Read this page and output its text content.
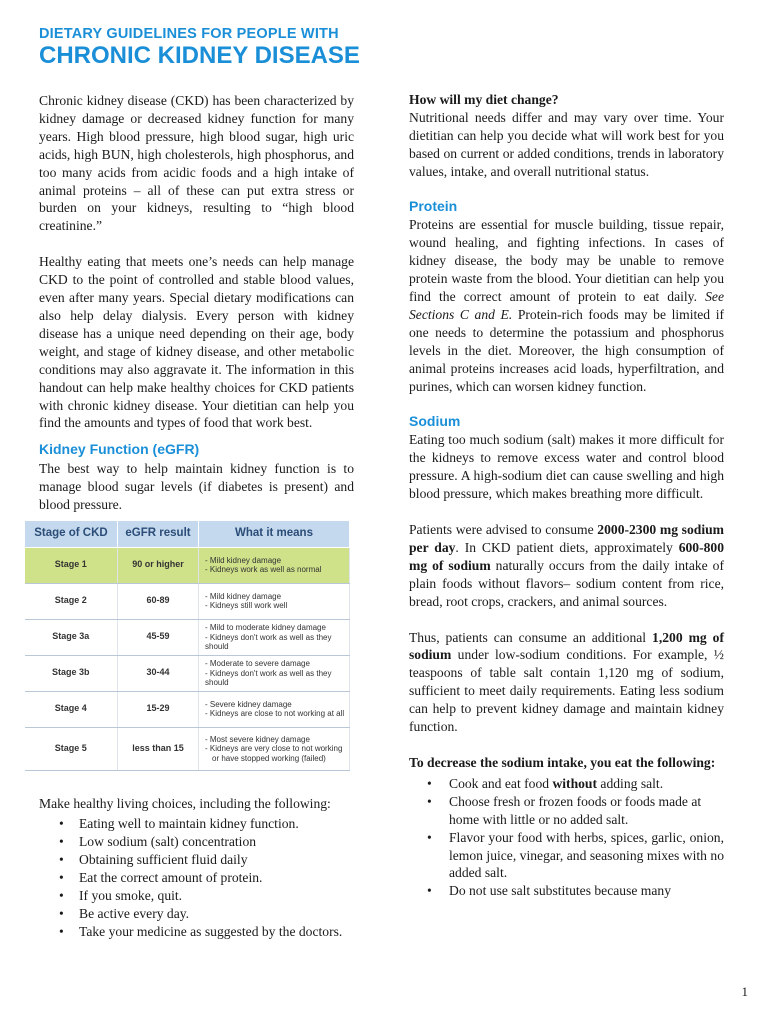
DIETARY GUIDELINES FOR PEOPLE WITH
CHRONIC KIDNEY DISEASE

Chronic kidney disease (CKD) has been characterized by kidney damage or decreased kidney function for many years. High blood pressure, high blood sugar, high uric acids, high BUN, high cholesterols, high phosphorus, and too many acids from acidic foods and a high intake of animal proteins – all of these can put extra stress or burden on your kidneys, resulting to “high blood creatinine.”

Healthy eating that meets one’s needs can help manage CKD to the point of controlled and stable blood values, even after many years. Special dietary modifications can also help delay dialysis. Every person with kidney disease has a unique need depending on their age, body weight, and stage of kidney disease, and other metabolic conditions may also aggravate it. The information in this handout can help make healthy choices for CKD patients with chronic kidney disease. Your dietitian can help you find the amounts and types of food that work best.

Kidney Function (eGFR)

The best way to help maintain kidney function is to manage blood sugar levels (if diabetes is present) and blood pressure.

Stage of CKD	eGFR result	What it means
Stage 1	90 or higher	- Mild kidney damage
- Kidneys work as well as normal

Stage 2	60-89	- Mild kidney damage
- Kidneys still work well

Stage 3a	45-59	- Mild to moderate kidney damage
- Kidneys don't work as well as they should

Stage 3b	30-44	- Moderate to severe damage
- Kidneys don't work as well as they should

Stage 4	15-29	- Severe kidney damage
- Kidneys are close to not working at all

Stage 5	less than 15	- Most severe kidney damage
- Kidneys are very close to not working
or have stopped working (failed)

Make healthy living choices, including the following:

• Eating well to maintain kidney function.
• Low sodium (salt) concentration
• Obtaining sufficient fluid daily
• Eat the correct amount of protein.
• If you smoke, quit.
• Be active every day.
• Take your medicine as suggested by the doctors.

How will my diet change?

Nutritional needs differ and may vary over time. Your dietitian can help you decide what will work best for you based on current or added conditions, trends in laboratory values, intake, and overall nutritional status.

Protein

Proteins are essential for muscle building, tissue repair, wound healing, and fighting infections. In cases of kidney disease, the body may be unable to remove protein waste from the blood. Your dietitian can help you find the correct amount of protein to eat daily. See Sections C and E. Protein-rich foods may be limited if one needs to determine the potassium and phosphorus levels in the diet. Moreover, the high consumption of animal proteins increases acid loads, hyperfiltration, and purines, which can worsen kidney function.

Sodium

Eating too much sodium (salt) makes it more difficult for the kidneys to remove excess water and control blood pressure. A high-sodium diet can cause swelling and high blood pressure, which makes breathing more difficult.

Patients were advised to consume 2000-2300 mg sodium per day. In CKD patient diets, approximately 600-800 mg of sodium naturally occurs from the daily intake of plain foods without flavors– sodium content from rice, bread, root crops, crackers, and animal sources.

Thus, patients can consume an additional 1,200 mg of sodium under low-sodium conditions. For example, ½ teaspoons of table salt contain 1,120 mg of sodium, sufficient to meet daily requirements. Eating less sodium can help to prevent kidney damage and maintain kidney function.

To decrease the sodium intake, you eat the following:

• Cook and eat food without adding salt.
• Choose fresh or frozen foods or foods made at home with little or no added salt.
• Flavor your food with herbs, spices, garlic, onion, lemon juice, vinegar, and seasoning mixes with no added salt.
• Do not use salt substitutes because many
1
